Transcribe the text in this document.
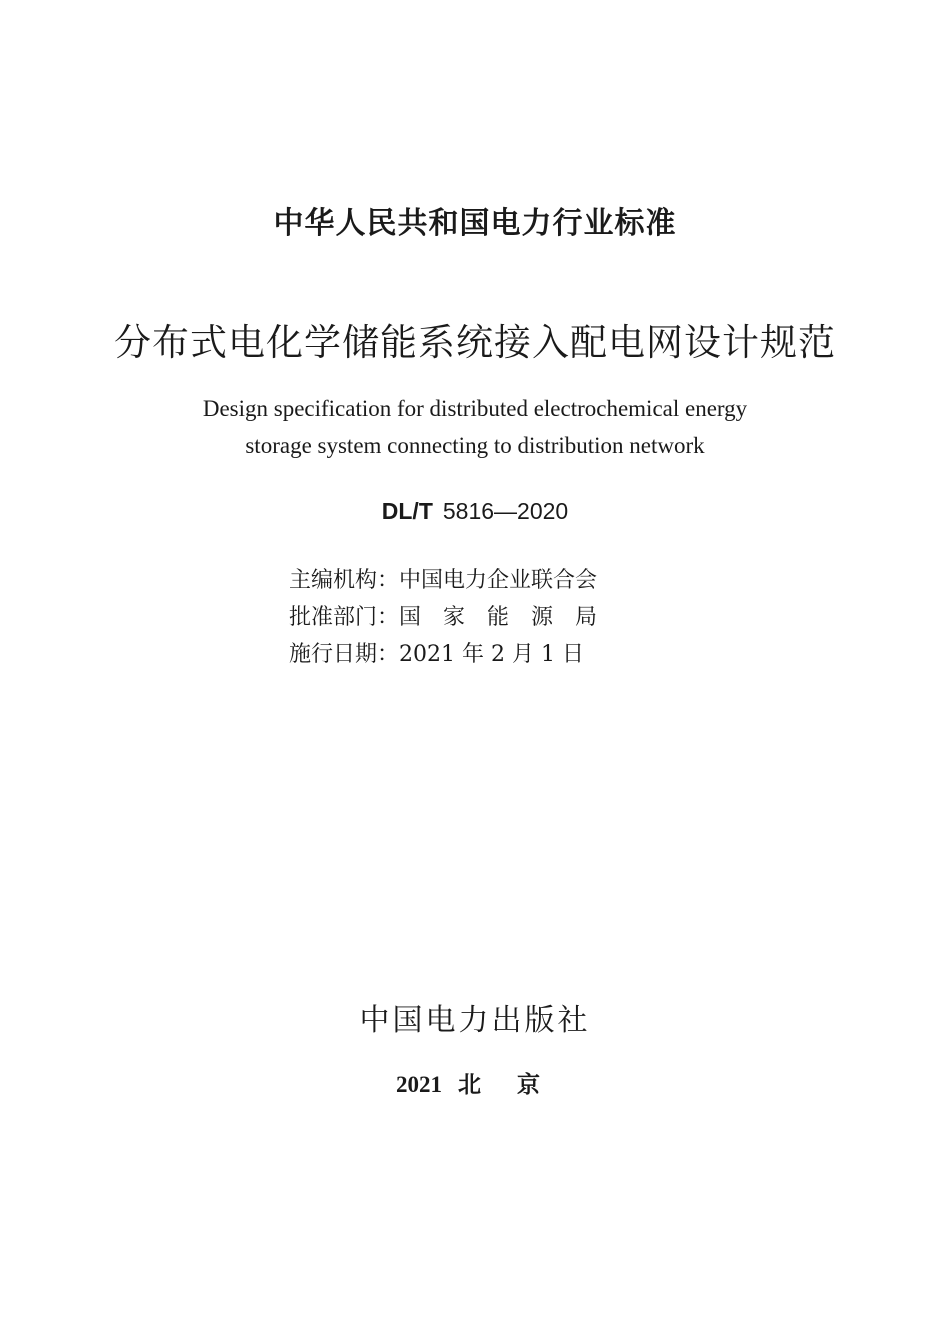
中华人民共和国电力行业标准
分布式电化学储能系统接入配电网设计规范
Design specification for distributed electrochemical energy
storage system connecting to distribution network
DL/T 5816—2020
主编机构： 中国电力企业联合会
批准部门： 国　家　能　源　局
施行日期： 2021 年 2 月 1 日
中国电力出版社
2021 北 京
